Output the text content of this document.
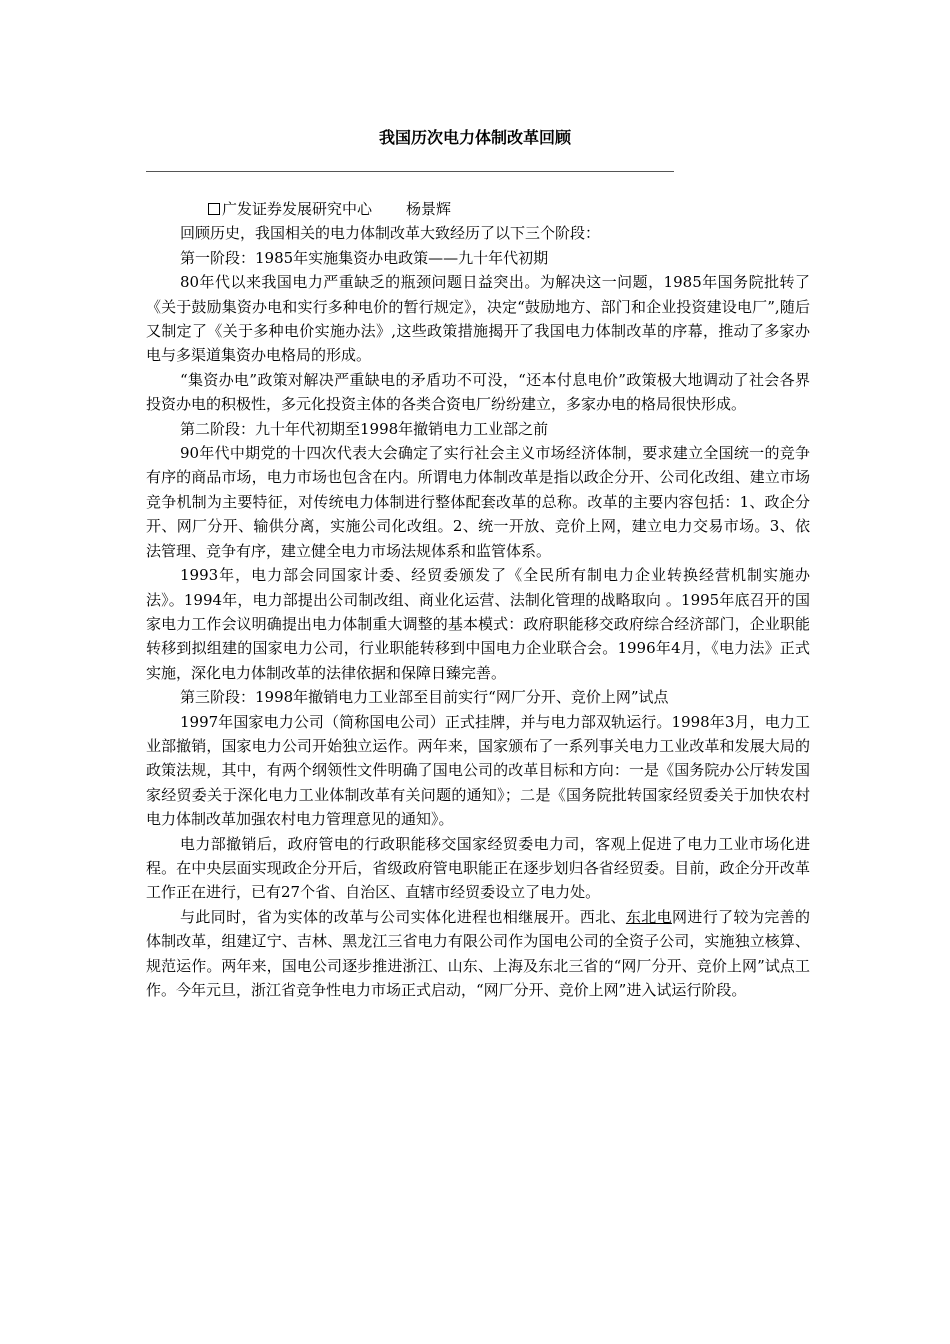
我国历次电力体制改革回顾

广发证券发展研究中心 杨景辉

回顾历史，我国相关的电力体制改革大致经历了以下三个阶段：

第一阶段：1985年实施集资办电政策——九十年代初期

80年代以来我国电力严重缺乏的瓶颈问题日益突出。为解决这一问题，1985年国务院批转了《关于鼓励集资办电和实行多种电价的暂行规定》，决定“鼓励地方、部门和企业投资建设电厂”,随后又制定了《关于多种电价实施办法》,这些政策措施揭开了我国电力体制改革的序幕，推动了多家办电与多渠道集资办电格局的形成。

“集资办电”政策对解决严重缺电的矛盾功不可没，“还本付息电价”政策极大地调动了社会各界投资办电的积极性，多元化投资主体的各类合资电厂纷纷建立，多家办电的格局很快形成。

第二阶段：九十年代初期至1998年撤销电力工业部之前

90年代中期党的十四次代表大会确定了实行社会主义市场经济体制，要求建立全国统一的竞争有序的商品市场，电力市场也包含在内。所谓电力体制改革是指以政企分开、公司化改组、建立市场竞争机制为主要特征，对传统电力体制进行整体配套改革的总称。改革的主要内容包括：1、政企分开、网厂分开、输供分离，实施公司化改组。2、统一开放、竞价上网，建立电力交易市场。3、依法管理、竞争有序，建立健全电力市场法规体系和监管体系。

1993年，电力部会同国家计委、经贸委颁发了《全民所有制电力企业转换经营机制实施办法》。1994年，电力部提出公司制改组、商业化运营、法制化管理的战略取向 。1995年底召开的国家电力工作会议明确提出电力体制重大调整的基本模式：政府职能移交政府综合经济部门，企业职能转移到拟组建的国家电力公司，行业职能转移到中国电力企业联合会。1996年4月，《电力法》正式实施，深化电力体制改革的法律依据和保障日臻完善。

第三阶段：1998年撤销电力工业部至目前实行“网厂分开、竞价上网”试点

1997年国家电力公司（简称国电公司）正式挂牌，并与电力部双轨运行。1998年3月，电力工业部撤销，国家电力公司开始独立运作。两年来，国家颁布了一系列事关电力工业改革和发展大局的政策法规，其中，有两个纲领性文件明确了国电公司的改革目标和方向：一是《国务院办公厅转发国家经贸委关于深化电力工业体制改革有关问题的通知》；二是《国务院批转国家经贸委关于加快农村电力体制改革加强农村电力管理意见的通知》。

电力部撤销后，政府管电的行政职能移交国家经贸委电力司，客观上促进了电力工业市场化进程。在中央层面实现政企分开后，省级政府管电职能正在逐步划归各省经贸委。目前，政企分开改革工作正在进行，已有27个省、自治区、直辖市经贸委设立了电力处。

与此同时，省为实体的改革与公司实体化进程也相继展开。西北、东北电网进行了较为完善的体制改革，组建辽宁、吉林、黑龙江三省电力有限公司作为国电公司的全资子公司，实施独立核算、规范运作。两年来，国电公司逐步推进浙江、山东、上海及东北三省的“网厂分开、竞价上网”试点工作。今年元旦，浙江省竞争性电力市场正式启动，“网厂分开、竞价上网”进入试运行阶段。
